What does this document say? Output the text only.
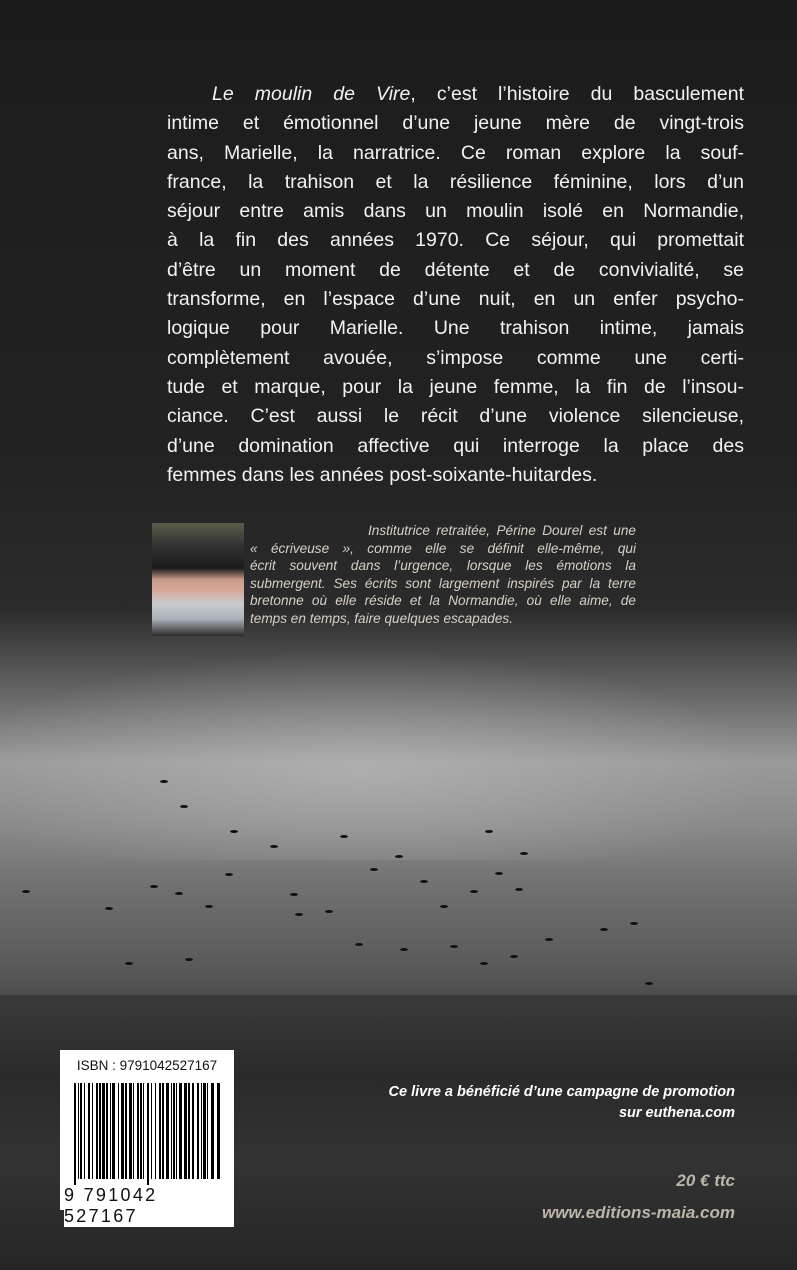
Le moulin de Vire, c’est l’histoire du basculement
intime et émotionnel d’une jeune mère de vingt-trois
ans, Marielle, la narratrice. Ce roman explore la souf-
france, la trahison et la résilience féminine, lors d’un
séjour entre amis dans un moulin isolé en Normandie,
à la fin des années 1970. Ce séjour, qui promettait
d’être un moment de détente et de convivialité, se
transforme, en l’espace d’une nuit, en un enfer psycho-
logique pour Marielle. Une trahison intime, jamais
complètement avouée, s’impose comme une certi-
tude et marque, pour la jeune femme, la fin de l’insou-
ciance. C’est aussi le récit d’une violence silencieuse,
d’une domination affective qui interroge la place des
femmes dans les années post-soixante-huitardes.
Institutrice retraitée, Périne Dourel est une
« écriveuse », comme elle se définit elle-même, qui
écrit souvent dans l’urgence, lorsque les émotions la
submergent. Ses écrits sont largement inspirés par la terre
bretonne où elle réside et la Normandie, où elle aime, de
temps en temps, faire quelques escapades.
ISBN : 9791042527167
9 791042 527167
Ce livre a bénéficié d’une campagne de promotion
sur euthena.com
20 € ttc
www.editions-maia.com
